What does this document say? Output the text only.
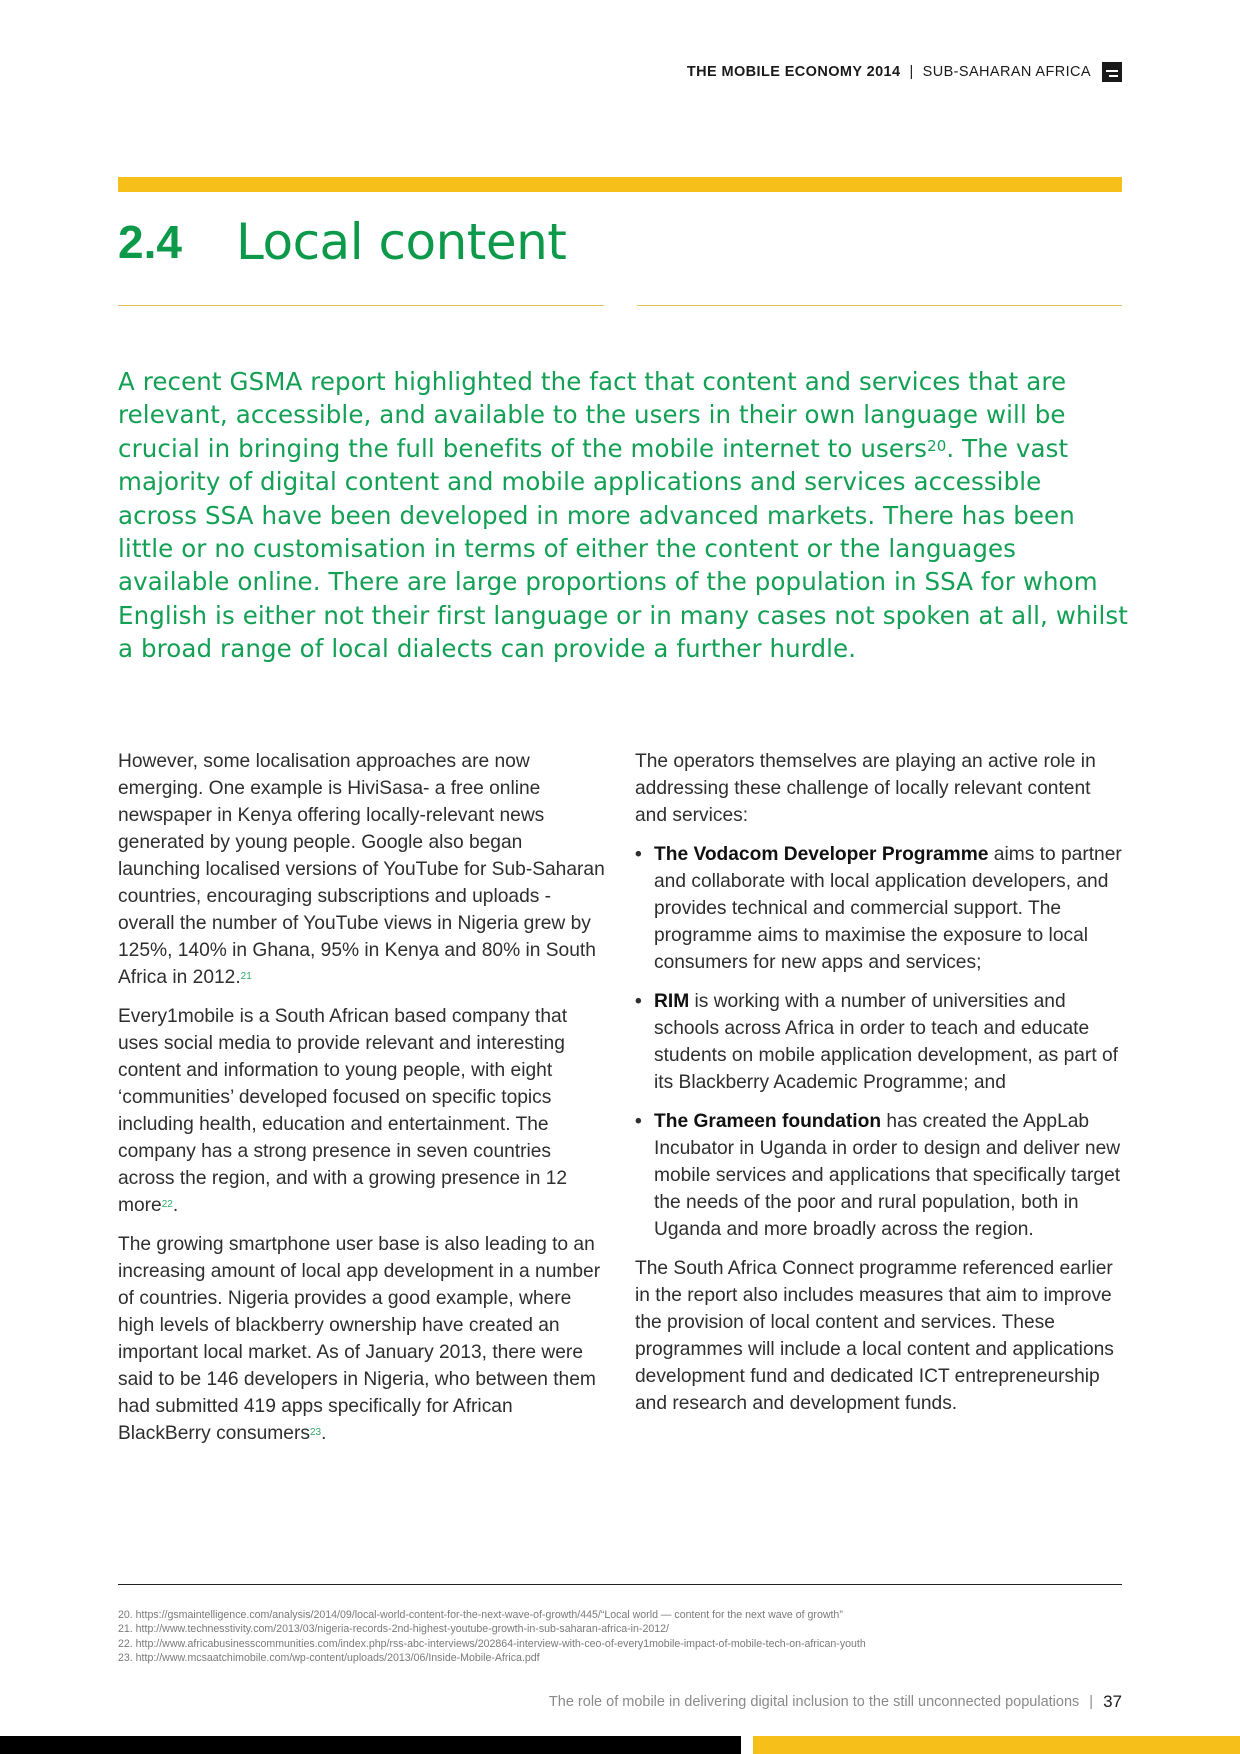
THE MOBILE ECONOMY 2014 | SUB-SAHARAN AFRICA
2.4	Local content
A recent GSMA report highlighted the fact that content and services that are relevant, accessible, and available to the users in their own language will be crucial in bringing the full benefits of the mobile internet to users$^{20}$. The vast majority of digital content and mobile applications and services accessible across SSA have been developed in more advanced markets. There has been little or no customisation in terms of either the content or the languages available online. There are large proportions of the population in SSA for whom English is either not their first language or in many cases not spoken at all, whilst a broad range of local dialects can provide a further hurdle.

However, some localisation approaches are now emerging. One example is HiviSasa- a free online newspaper in Kenya offering locally-relevant news generated by young people. Google also began launching localised versions of YouTube for Sub-Saharan countries, encouraging subscriptions and uploads - overall the number of YouTube views in Nigeria grew by 125%, 140% in Ghana, 95% in Kenya and 80% in South Africa in 2012.21

Every1mobile is a South African based company that uses social media to provide relevant and interesting content and information to young people, with eight ‘communities’ developed focused on specific topics including health, education and entertainment. The company has a strong presence in seven countries across the region, and with a growing presence in 12 more$^{22}$.

The growing smartphone user base is also leading to an increasing amount of local app development in a number of countries. Nigeria provides a good example, where high levels of blackberry ownership have created an important local market. As of January 2013, there were said to be 146 developers in Nigeria, who between them had submitted 419 apps specifically for African BlackBerry consumers$^{23}$.

The operators themselves are playing an active role in addressing these challenge of locally relevant content and services:

• The Vodacom Developer Programme aims to partner and collaborate with local application developers, and provides technical and commercial support. The programme aims to maximise the exposure to local consumers for new apps and services;
• RIM is working with a number of universities and schools across Africa in order to teach and educate students on mobile application development, as part of its Blackberry Academic Programme; and
• The Grameen foundation has created the AppLab Incubator in Uganda in order to design and deliver new mobile services and applications that specifically target the needs of the poor and rural population, both in Uganda and more broadly across the region.

The South Africa Connect programme referenced earlier in the report also includes measures that aim to improve the provision of local content and services. These programmes will include a local content and applications development fund and dedicated ICT entrepreneurship and research and development funds.

20. https://gsmaintelligence.com/analysis/2014/09/local-world-content-for-the-next-wave-of-growth/445/“Local world — content for the next wave of growth”
21. http://www.technesstivity.com/2013/03/nigeria-records-2nd-highest-youtube-growth-in-sub-saharan-africa-in-2012/
22. http://www.africabusinesscommunities.com/index.php/rss-abc-interviews/202864-interview-with-ceo-of-every1mobile-impact-of-mobile-tech-on-african-youth
23. http://www.mcsaatchimobile.com/wp-content/uploads/2013/06/Inside-Mobile-Africa.pdf
The role of mobile in delivering digital inclusion to the still unconnected populations | 37
